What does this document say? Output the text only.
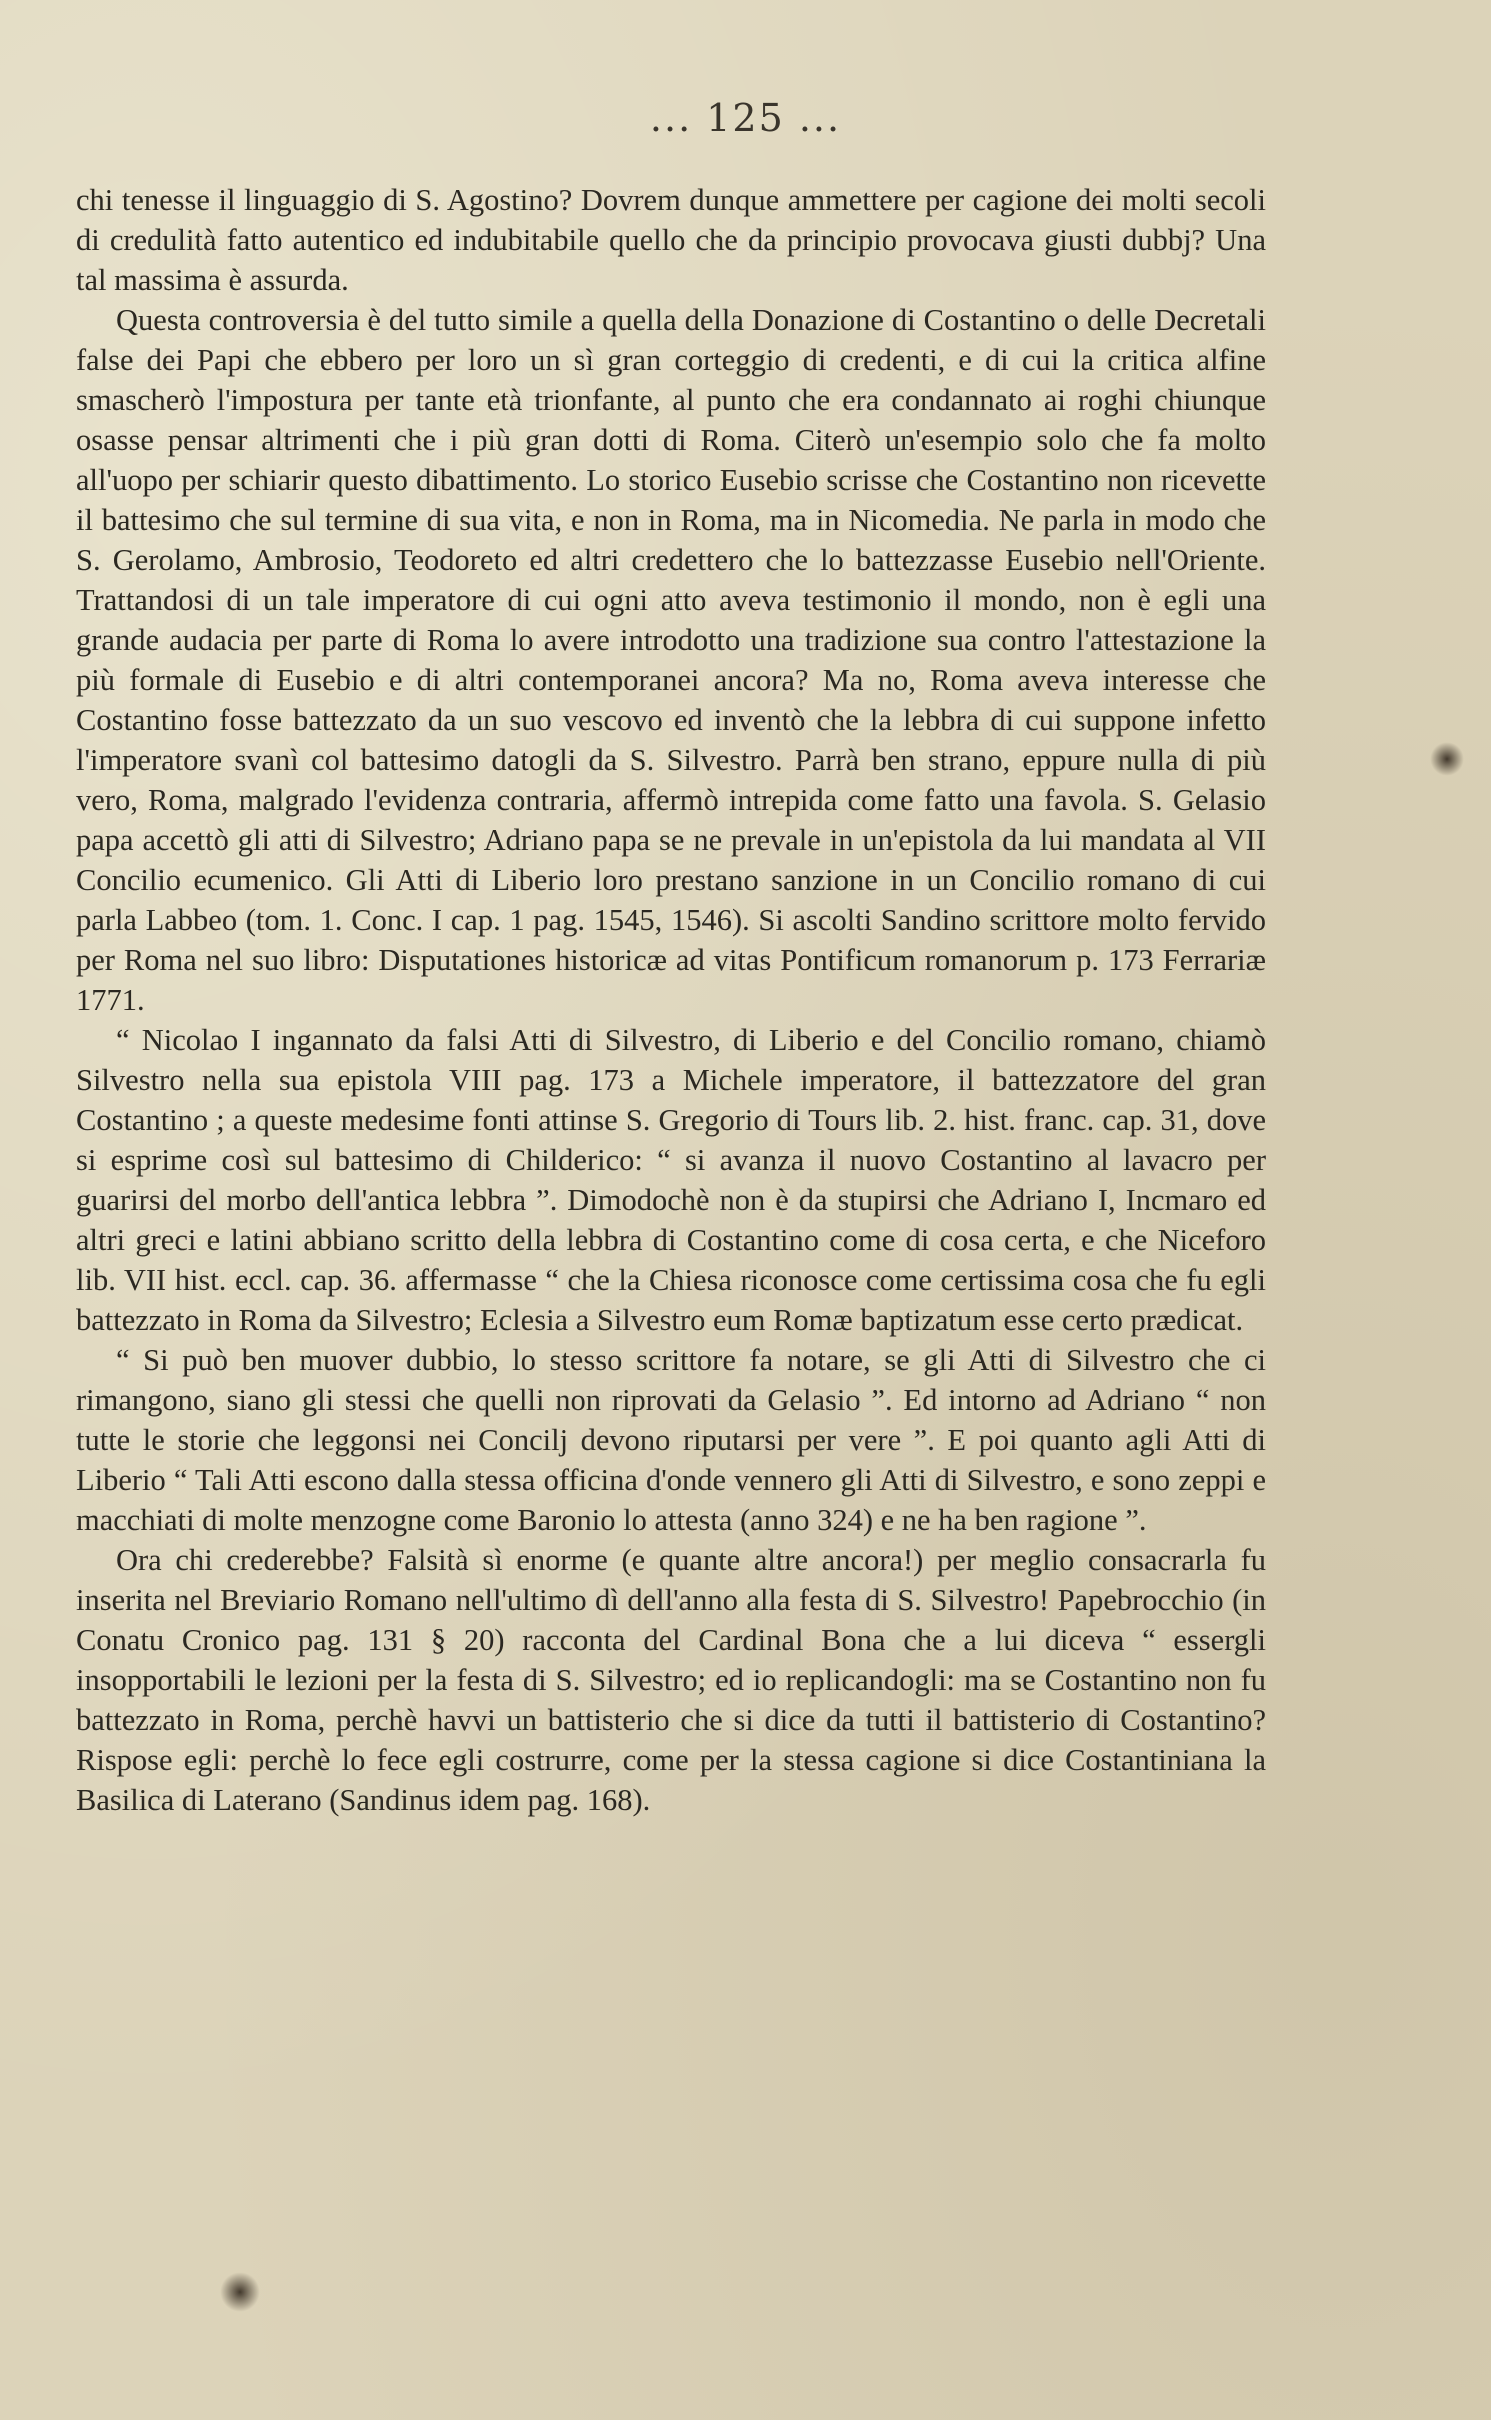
... 125 ...

chi tenesse il linguaggio di S. Agostino? Dovrem dunque ammettere per cagione dei molti secoli di credulità fatto autentico ed indubitabile quello che da principio provocava giusti dubbj? Una tal massima è assurda.

Questa controversia è del tutto simile a quella della Donazione di Costantino o delle Decretali false dei Papi che ebbero per loro un sì gran corteggio di credenti, e di cui la critica alfine smascherò l'impostura per tante età trionfante, al punto che era condannato ai roghi chiunque osasse pensar altrimenti che i più gran dotti di Roma. Citerò un'esempio solo che fa molto all'uopo per schiarir questo dibattimento. Lo storico Eusebio scrisse che Costantino non ricevette il battesimo che sul termine di sua vita, e non in Roma, ma in Nicomedia. Ne parla in modo che S. Gerolamo, Ambrosio, Teodoreto ed altri credettero che lo battezzasse Eusebio nell'Oriente. Trattandosi di un tale imperatore di cui ogni atto aveva testimonio il mondo, non è egli una grande audacia per parte di Roma lo avere introdotto una tradizione sua contro l'attestazione la più formale di Eusebio e di altri contemporanei ancora? Ma no, Roma aveva interesse che Costantino fosse battezzato da un suo vescovo ed inventò che la lebbra di cui suppone infetto l'imperatore svanì col battesimo datogli da S. Silvestro. Parrà ben strano, eppure nulla di più vero, Roma, malgrado l'evidenza contraria, affermò intrepida come fatto una favola. S. Gelasio papa accettò gli atti di Silvestro; Adriano papa se ne prevale in un'epistola da lui mandata al VII Concilio ecumenico. Gli Atti di Liberio loro prestano sanzione in un Concilio romano di cui parla Labbeo (tom. 1. Conc. I cap. 1 pag. 1545, 1546). Si ascolti Sandino scrittore molto fervido per Roma nel suo libro: Disputationes historicæ ad vitas Pontificum romanorum p. 173 Ferrariæ 1771.

“ Nicolao I ingannato da falsi Atti di Silvestro, di Liberio e del Concilio romano, chiamò Silvestro nella sua epistola VIII pag. 173 a Michele imperatore, il battezzatore del gran Costantino ; a queste medesime fonti attinse S. Gregorio di Tours lib. 2. hist. franc. cap. 31, dove si esprime così sul battesimo di Childerico: “ si avanza il nuovo Costantino al lavacro per guarirsi del morbo dell'antica lebbra ”. Dimodochè non è da stupirsi che Adriano I, Incmaro ed altri greci e latini abbiano scritto della lebbra di Costantino come di cosa certa, e che Niceforo lib. VII hist. eccl. cap. 36. affermasse “ che la Chiesa riconosce come certissima cosa che fu egli battezzato in Roma da Silvestro; Eclesia a Silvestro eum Romæ baptizatum esse certo prædicat.

“ Si può ben muover dubbio, lo stesso scrittore fa notare, se gli Atti di Silvestro che ci rimangono, siano gli stessi che quelli non riprovati da Gelasio ”. Ed intorno ad Adriano “ non tutte le storie che leggonsi nei Concilj devono riputarsi per vere ”. E poi quanto agli Atti di Liberio “ Tali Atti escono dalla stessa officina d'onde vennero gli Atti di Silvestro, e sono zeppi e macchiati di molte menzogne come Baronio lo attesta (anno 324) e ne ha ben ragione ”.

Ora chi crederebbe? Falsità sì enorme (e quante altre ancora!) per meglio consacrarla fu inserita nel Breviario Romano nell'ultimo dì dell'anno alla festa di S. Silvestro! Papebrocchio (in Conatu Cronico pag. 131 § 20) racconta del Cardinal Bona che a lui diceva “ essergli insopportabili le lezioni per la festa di S. Silvestro; ed io replicandogli: ma se Costantino non fu battezzato in Roma, perchè havvi un battisterio che si dice da tutti il battisterio di Costantino? Rispose egli: perchè lo fece egli costrurre, come per la stessa cagione si dice Costantiniana la Basilica di Laterano (Sandinus idem pag. 168).
